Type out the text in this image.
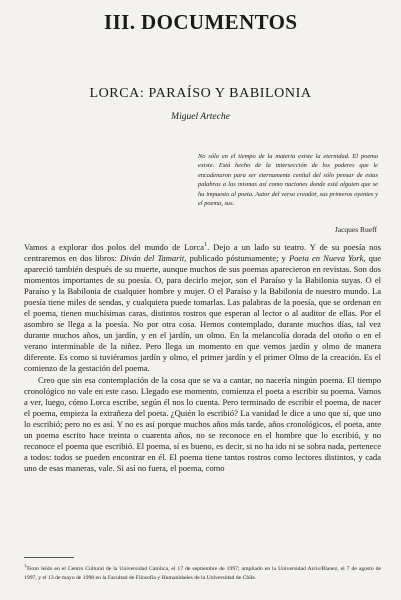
III. DOCUMENTOS
LORCA: PARAÍSO Y BABILONIA

Miguel Arteche

No sólo en el tiempo de la materia existe la eternidad. El poema existe. Está hecho de la intersección de los poderes que le encadenaron para ser eternamente cenital del sólo pensar de estas palabras a las mismas así como naciones donde está alguien que se ha impuesto al poeta. Autor del verso creador, sus primeros oyentes y el poema, sus.

Jacques Rueff

Vamos a explorar dos polos del mundo de Lorca$^1$. Dejo a un lado su teatro. Y de su poesía nos centraremos en dos libros: Diván del Tamarit, publicado póstumamente; y Poeta en Nueva York, que apareció también después de su muerte, aunque muchos de sus poemas aparecieron en revistas. Son dos momentos importantes de su poesía. O, para decirlo mejor, son el Paraíso y la Babilonia suyas. O el Paraíso y la Babilonia de cualquier hombre y mujer. O el Paraíso y la Babilonia de nuestro mundo. La poesía tiene miles de sendas, y cualquiera puede tomarlas. Las palabras de la poesía, que se ordenan en el poema, tienen muchísimas caras, distintos rostros que esperan al lector o al auditor de ellas. Por el asombro se llega a la poesía. No por otra cosa. Hemos contemplado, durante muchos días, tal vez durante muchos años, un jardín, y en el jardín, un olmo. En la melancolía dorada del otoño o en el verano interminable de la niñez. Pero llega un momento en que vemos jardín y olmo de manera diferente. Es como si tuviéramos jardín y olmo, el primer jardín y el primer Olmo de la creación. Es el comienzo de la gestación del poema.

Creo que sin esa contemplación de la cosa que se va a cantar, no nacería ningún poema. El tiempo cronológico no vale en este caso. Llegado ese momento, comienza el poeta a escribir su poema. Vamos a ver, luego, cómo Lorca escribe, según él nos lo cuenta. Pero terminado de escribir el poema, de nacer el poema, empieza la extrañeza del poeta. ¿Quién lo escribió? La vanidad le dice a uno que sí, que uno lo escribió; pero no es así. Y no es así porque muchos años más tarde, años cronológicos, el poeta, ante un poema escrito hace treinta o cuarenta años, no se reconoce en el hombre que lo escribió, y no reconoce el poema que escribió. El poema, sí es bueno, es decir, si no ha ido ni se sobra nada, pertenece a todos: todos se pueden encontrar en él. El poema tiene tantos rostros como lectores distintos, y cada uno de esas maneras, vale. Si así no fuera, el poema, como

$^1$Texto leído en el Centro Cultural de la Universidad Católica, el 17 de septiembre de 1997; ampliado en la Universidad Arcis/Bianez, el 7 de agosto de 1997, y el 13 de mayo de 1998 en la Facultad de Filosofía y Humanidades de la Universidad de Chile.
